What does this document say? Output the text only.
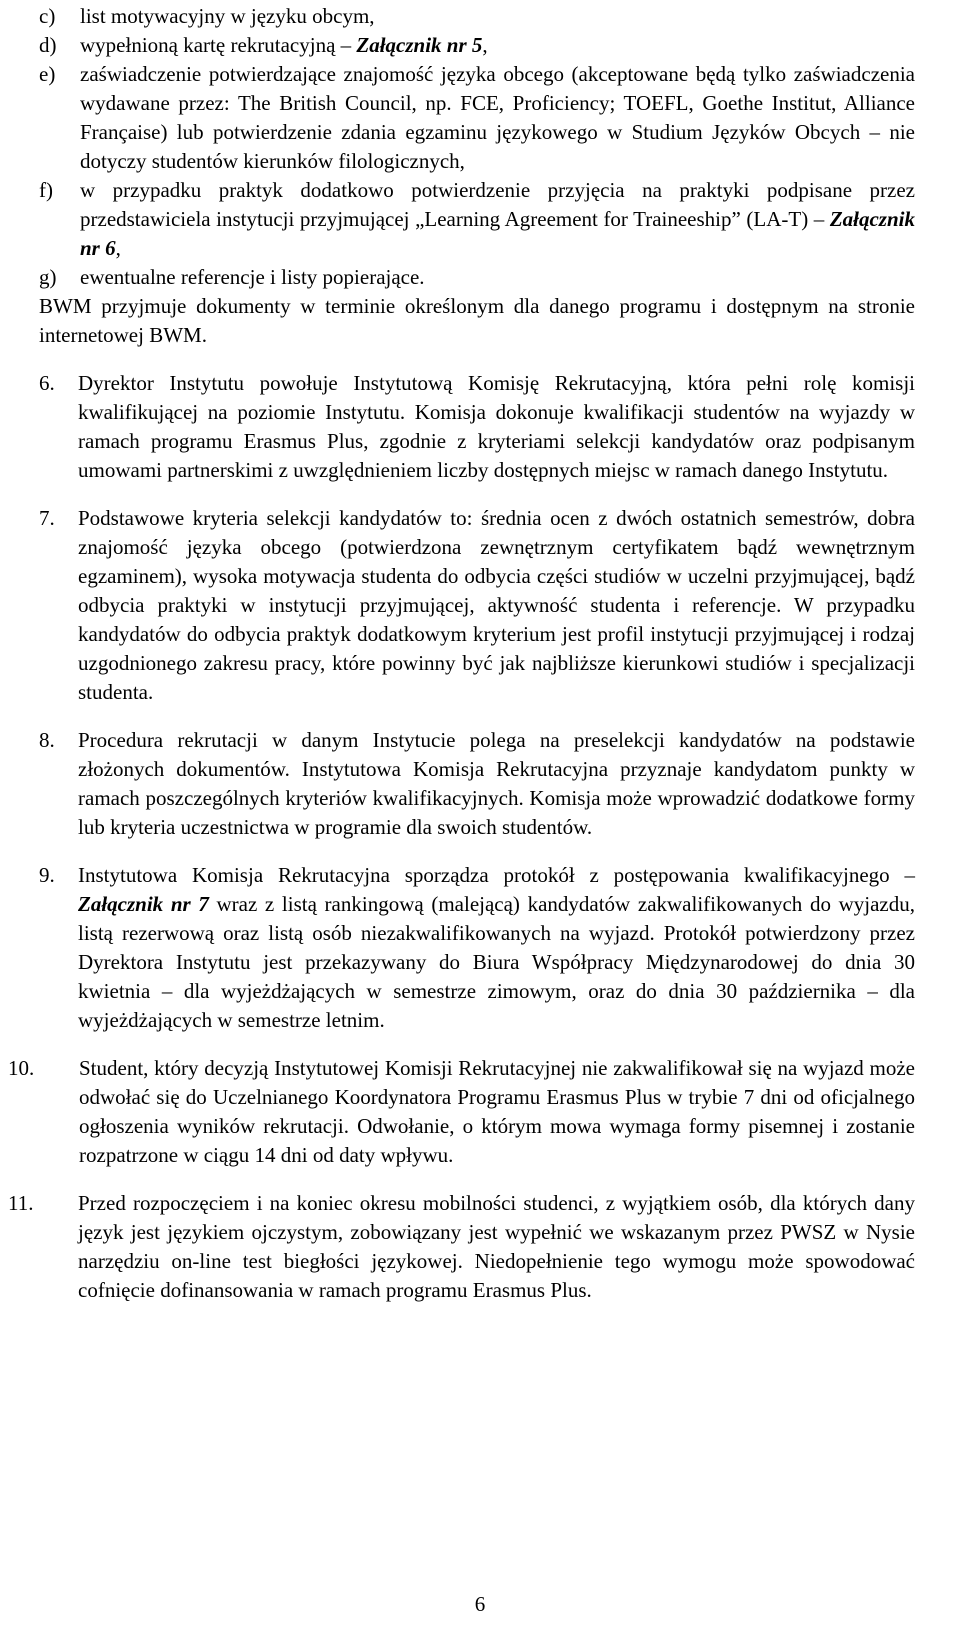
c) list motywacyjny w języku obcym,
d) wypełnioną kartę rekrutacyjną – Załącznik nr 5,
e) zaświadczenie potwierdzające znajomość języka obcego (akceptowane będą tylko zaświadczenia wydawane przez: The British Council, np. FCE, Proficiency; TOEFL, Goethe Institut, Alliance Française) lub potwierdzenie zdania egzaminu językowego w Studium Języków Obcych – nie dotyczy studentów kierunków filologicznych,
f) w przypadku praktyk dodatkowo potwierdzenie przyjęcia na praktyki podpisane przez przedstawiciela instytucji przyjmującej „Learning Agreement for Traineeship” (LA-T) – Załącznik nr 6,
g) ewentualne referencje i listy popierające.
BWM przyjmuje dokumenty w terminie określonym dla danego programu i dostępnym na stronie internetowej BWM.
6. Dyrektor Instytutu powołuje Instytutową Komisję Rekrutacyjną, która pełni rolę komisji kwalifikującej na poziomie Instytutu. Komisja dokonuje kwalifikacji studentów na wyjazdy w ramach programu Erasmus Plus, zgodnie z kryteriami selekcji kandydatów oraz podpisanym umowami partnerskimi z uwzględnieniem liczby dostępnych miejsc w ramach danego Instytutu.
7. Podstawowe kryteria selekcji kandydatów to: średnia ocen z dwóch ostatnich semestrów, dobra znajomość języka obcego (potwierdzona zewnętrznym certyfikatem bądź wewnętrznym egzaminem), wysoka motywacja studenta do odbycia części studiów w uczelni przyjmującej, bądź odbycia praktyki w instytucji przyjmującej, aktywność studenta i referencje. W przypadku kandydatów do odbycia praktyk dodatkowym kryterium jest profil instytucji przyjmującej i rodzaj uzgodnionego zakresu pracy, które powinny być jak najbliższe kierunkowi studiów i specjalizacji studenta.
8. Procedura rekrutacji w danym Instytucie polega na preselekcji kandydatów na podstawie złożonych dokumentów. Instytutowa Komisja Rekrutacyjna przyznaje kandydatom punkty w ramach poszczególnych kryteriów kwalifikacyjnych. Komisja może wprowadzić dodatkowe formy lub kryteria uczestnictwa w programie dla swoich studentów.
9. Instytutowa Komisja Rekrutacyjna sporządza protokół z postępowania kwalifikacyjnego – Załącznik nr 7 wraz z listą rankingową (malejącą) kandydatów zakwalifikowanych do wyjazdu, listą rezerwową oraz listą osób niezakwalifikowanych na wyjazd. Protokół potwierdzony przez Dyrektora Instytutu jest przekazywany do Biura Współpracy Międzynarodowej do dnia 30 kwietnia – dla wyjeżdżających w semestrze zimowym, oraz do dnia 30 października – dla wyjeżdżających w semestrze letnim.
10. Student, który decyzją Instytutowej Komisji Rekrutacyjnej nie zakwalifikował się na wyjazd może odwołać się do Uczelnianego Koordynatora Programu Erasmus Plus w trybie 7 dni od oficjalnego ogłoszenia wyników rekrutacji. Odwołanie, o którym mowa wymaga formy pisemnej i zostanie rozpatrzone w ciągu 14 dni od daty wpływu.
11. Przed rozpoczęciem i na koniec okresu mobilności studenci, z wyjątkiem osób, dla których dany język jest językiem ojczystym, zobowiązany jest wypełnić we wskazanym przez PWSZ w Nysie narzędziu on-line test biegłości językowej. Niedopełnienie tego wymogu może spowodować cofnięcie dofinansowania w ramach programu Erasmus Plus.
6
